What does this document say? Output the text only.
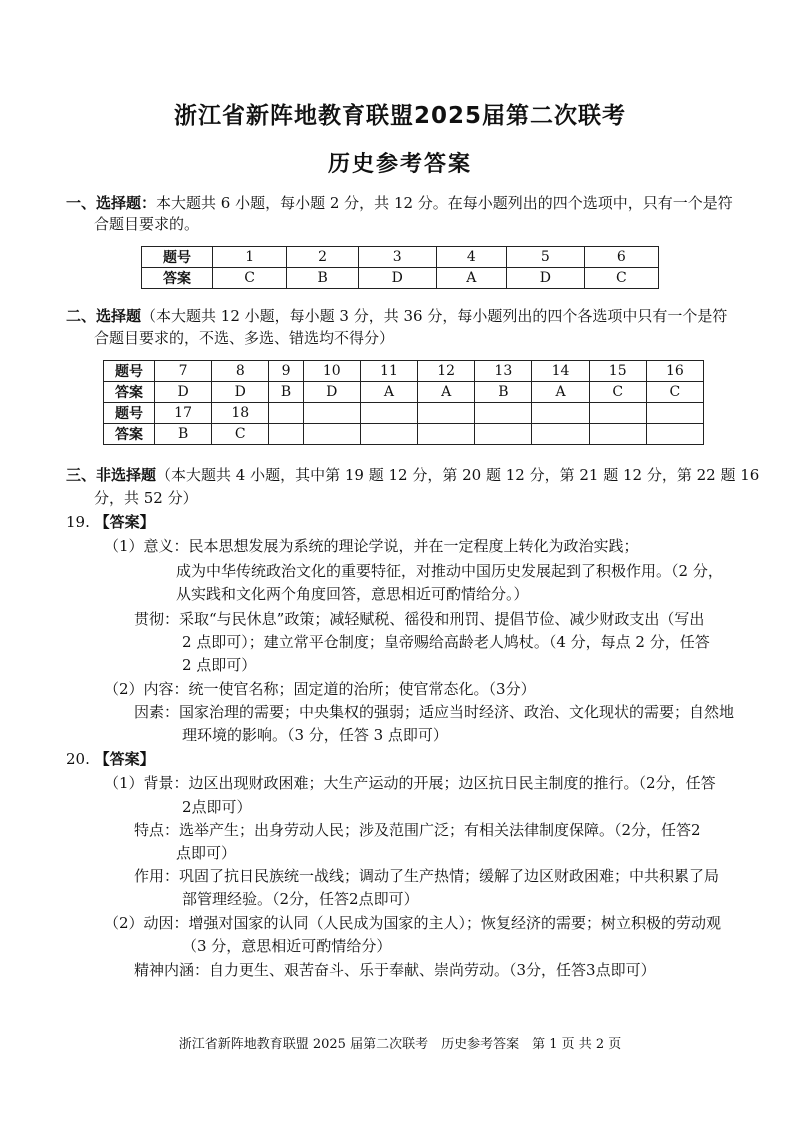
浙江省新阵地教育联盟2025届第二次联考
历史参考答案
一、选择题：本大题共 6 小题，每小题 2 分，共 12 分。在每小题列出的四个选项中，只有一个是符
合题目要求的。
题号	1	2	3	4	5	6
答案	C	B	D	A	D	C
二、选择题（本大题共 12 小题，每小题 3 分，共 36 分，每小题列出的四个各选项中只有一个是符
合题目要求的，不选、多选、错选均不得分）
题号	7	8	9	10	11	12	13	14	15	16
答案	D	D	B	D	A	A	B	A	C	C
题号	17	18								
答案	B	C								
三、非选择题（本大题共 4 小题，其中第 19 题 12 分，第 20 题 12 分，第 21 题 12 分，第 22 题 16
分，共 52 分）
19. 【答案】
（1）意义：民本思想发展为系统的理论学说，并在一定程度上转化为政治实践；
成为中华传统政治文化的重要特征，对推动中国历史发展起到了积极作用。（2 分，
从实践和文化两个角度回答，意思相近可酌情给分。）
贯彻：采取“与民休息”政策；减轻赋税、徭役和刑罚、提倡节俭、减少财政支出（写出
2 点即可）；建立常平仓制度；皇帝赐给高龄老人鸠杖。（4 分，每点 2 分，任答
2 点即可）
（2）内容：统一使官名称；固定道的治所；使官常态化。（3分）
因素：国家治理的需要；中央集权的强弱；适应当时经济、政治、文化现状的需要；自然地
理环境的影响。（3 分，任答 3 点即可）
20. 【答案】
（1）背景：边区出现财政困难；大生产运动的开展；边区抗日民主制度的推行。（2分，任答
2点即可）
特点：选举产生；出身劳动人民；涉及范围广泛；有相关法律制度保障。（2分，任答2
点即可）
作用：巩固了抗日民族统一战线；调动了生产热情；缓解了边区财政困难；中共积累了局
部管理经验。（2分，任答2点即可）
（2）动因：增强对国家的认同（人民成为国家的主人）；恢复经济的需要；树立积极的劳动观
（3 分，意思相近可酌情给分）
精神内涵：自力更生、艰苦奋斗、乐于奉献、崇尚劳动。（3分，任答3点即可）
浙江省新阵地教育联盟 2025 届第二次联考　历史参考答案　第 1 页 共 2 页
